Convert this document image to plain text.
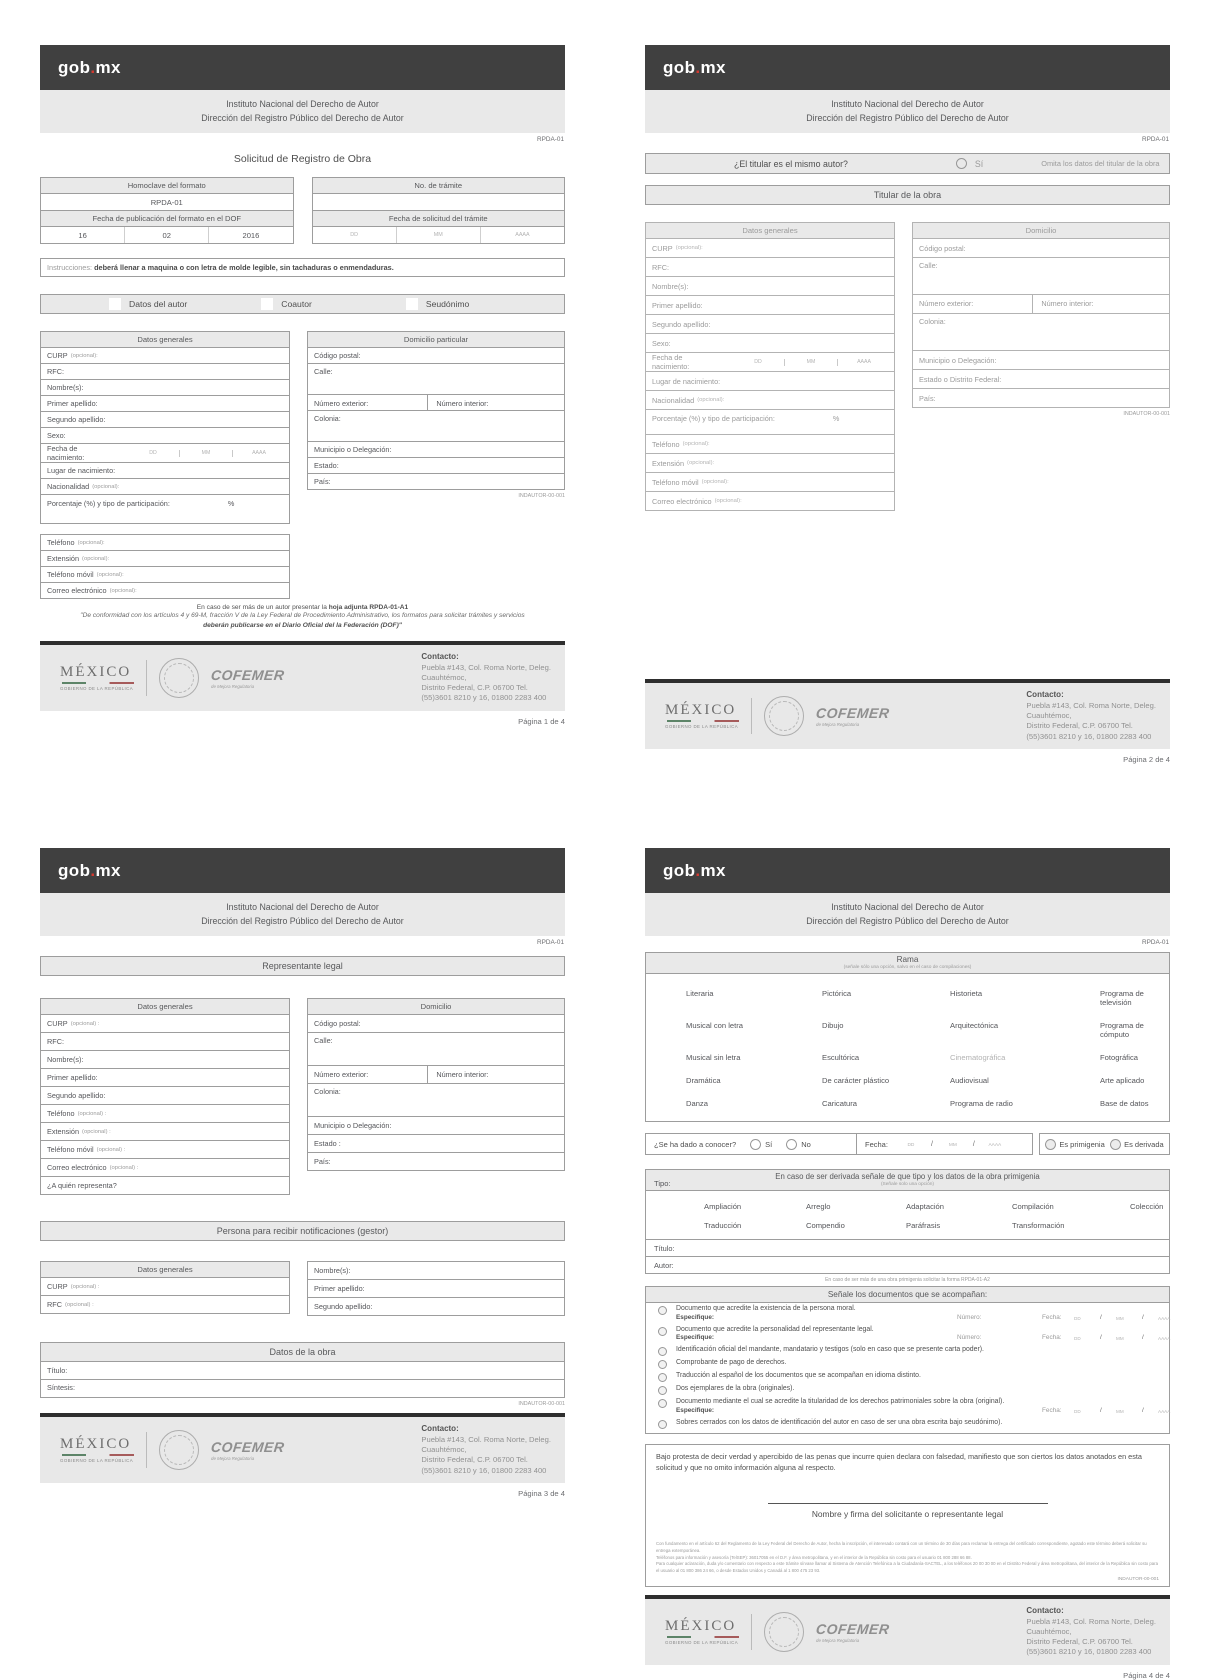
gob.mx
Instituto Nacional del Derecho de Autor
Dirección del Registro Público del Derecho de Autor
RPDA-01
Solicitud de Registro de Obra
Homoclave del formato
RPDA-01
Fecha de publicación del formato en el DOF
16	02	2016
No. de trámite
Fecha de solicitud del trámite
DD	MM	AAAA
Instrucciones: deberá llenar a maquina o con letra de molde legible, sin tachaduras o enmendaduras.
Datos del autor	Coautor	Seudónimo
Datos generales
CURP (opcional):
RFC:
Nombre(s):
Primer apellido:
Segundo apellido:
Sexo:
Fecha de nacimiento:
DD	MM	AAAA
Lugar de nacimiento:
Nacionalidad (opcional):
Porcentaje (%) y tipo de participación:	%
Teléfono (opcional):
Extensión (opcional):
Teléfono móvil (opcional):
Correo electrónico (opcional):
Domicilio particular
Código postal:
Calle:
Número exterior:	Número interior:
Colonia:
Municipio o Delegación:
Estado:
País:
INDAUTOR-00-001
En caso de ser más de un autor presentar la hoja adjunta RPDA-01-A1
"De conformidad con los artículos 4 y 69-M, fracción V de la Ley Federal de Procedimiento Administrativo, los formatos para solicitar trámites y servicios
deberán publicarse en el Diario Oficial del la Federación (DOF)"
MÉXICO
GOBIERNO DE LA REPÚBLICA
COFEMER
de Mejora Regulatoria
Contacto:
Puebla #143, Col. Roma Norte, Deleg.
Cuauhtémoc,
Distrito Federal, C.P. 06700 Tel.
(55)3601 8210 y 16, 01800 2283 400
Página 1 de 4
gob.mx
Instituto Nacional del Derecho de Autor
Dirección del Registro Público del Derecho de Autor
RPDA-01
¿El titular es el mismo autor?	Sí	Omita los datos del titular de la obra
Titular de la obra
Datos generales
CURP (opcional):
RFC:
Nombre(s):
Primer apellido:
Segundo apellido:
Sexo:
Fecha de nacimiento:
DD	MM	AAAA
Lugar de nacimiento:
Nacionalidad (opcional):
Porcentaje (%) y tipo de participación:	%
Teléfono (opcional):
Extensión (opcional):
Teléfono móvil (opcional):
Correo electrónico (opcional):
Domicilio
Código postal:
Calle:
Número exterior:	Número interior:
Colonia:
Municipio o Delegación:
Estado o Distrito Federal:
País:
INDAUTOR-00-001
MÉXICO
GOBIERNO DE LA REPÚBLICA
COFEMER
de Mejora Regulatoria
Contacto:
Puebla #143, Col. Roma Norte, Deleg.
Cuauhtémoc,
Distrito Federal, C.P. 06700 Tel.
(55)3601 8210 y 16, 01800 2283 400
Página 2 de 4
gob.mx
Instituto Nacional del Derecho de Autor
Dirección del Registro Público del Derecho de Autor
RPDA-01
Representante legal
Datos generales
CURP (opcional) :
RFC:
Nombre(s):
Primer apellido:
Segundo apellido:
Teléfono (opcional) :
Extensión (opcional) :
Teléfono móvil (opcional) :
Correo electrónico (opcional) :
¿A quién representa?
Domicilio
Código postal:
Calle:
Número exterior:	Número interior:
Colonia:
Municipio o Delegación:
Estado :
País:
Persona para recibir notificaciones (gestor)
Datos generales
CURP (opcional) :
RFC (opcional) :
Nombre(s):
Primer apellido:
Segundo apellido:
Datos de la obra
Título:
Síntesis:
INDAUTOR-00-001
MÉXICO
GOBIERNO DE LA REPÚBLICA
COFEMER
de Mejora Regulatoria
Contacto:
Puebla #143, Col. Roma Norte, Deleg.
Cuauhtémoc,
Distrito Federal, C.P. 06700 Tel.
(55)3601 8210 y 16, 01800 2283 400
Página 3 de 4
gob.mx
Instituto Nacional del Derecho de Autor
Dirección del Registro Público del Derecho de Autor
RPDA-01
Rama
(señale sólo una opción, salvo en el caso de compilaciones)
Literaria	Pictórica	Historieta	Programa de televisión
Musical con letra	Dibujo	Arquitectónica	Programa de cómputo
Musical sin letra	Escultórica	Cinematográfica	Fotográfica
Dramática	De carácter plástico	Audiovisual	Arte aplicado
Danza	Caricatura	Programa de radio	Base de datos
¿Se ha dado a conocer?	Sí	No	Fecha:	DD	/	MM	/	AAAA	Es primigenia	Es derivada
En caso de ser derivada señale de que tipo y los datos de la obra primigenia
(Señale solo una opción)
Tipo:
Ampliación	Arreglo	Adaptación	Compilación	Colección
Traducción	Compendio	Paráfrasis	Transformación
Título:
Autor:
En caso de ser más de una obra primigenia solicitar la forma RPDA-01-A2
Señale los documentos que se acompañan:
Documento que acredite la existencia de la persona moral.
Especifique:	Número:	Fecha:	DD	/	MM	/	AAAA
Documento que acredite la personalidad del representante legal.
Especifique:	Número:	Fecha:	DD	/	MM	/	AAAA
Identificación oficial del mandante, mandatario y testigos (solo en caso que se presente carta poder).
Comprobante de pago de derechos.
Traducción al español de los documentos que se acompañan en idioma distinto.
Dos ejemplares de la obra (originales).
Documento mediante el cual se acredite la titularidad de los derechos patrimoniales sobre la obra (original).
Especifique:	Fecha:	DD	/	MM	/	AAAA
Sobres cerrados con los datos de identificación del autor en caso de ser una obra escrita bajo seudónimo).

Bajo protesta de decir verdad y apercibido de las penas que incurre quien declara con falsedad, manifiesto que son ciertos los datos anotados en esta solicitud y que no omito información alguna al respecto.

Nombre y firma del solicitante o representante legal
Con fundamento en el artículo 62 del Reglamento de la Ley Federal del Derecho de Autor, hecha la inscripción, el interesado contará con un término de 30 días para reclamar la entrega del certificado correspondiente, agotado este término deberá solicitar su entrega extemporánea.
Teléfonos para información y asesoría (TelSEP): 36017055 en el D.F. y área metropolitana, y en el interior de la República sin costo para el usuario 01 800 288 66 88.
Para cualquier aclaración, duda y/o comentario con respecto a este trámite sírvase llamar al Sistema de Atención Telefónica a la Ciudadanía-SACTEL, a los teléfonos 20 00 30 00 en el Distrito Federal y área metropolitana, del interior de la República sin costo para el usuario al 01 800 386 24 66, o desde Estados Unidos y Canadá al 1 800 475 23 93.
INDAUTOR-00-001
MÉXICO
GOBIERNO DE LA REPÚBLICA
COFEMER
de Mejora Regulatoria
Contacto:
Puebla #143, Col. Roma Norte, Deleg.
Cuauhtémoc,
Distrito Federal, C.P. 06700 Tel.
(55)3601 8210 y 16, 01800 2283 400
Página 4 de 4
